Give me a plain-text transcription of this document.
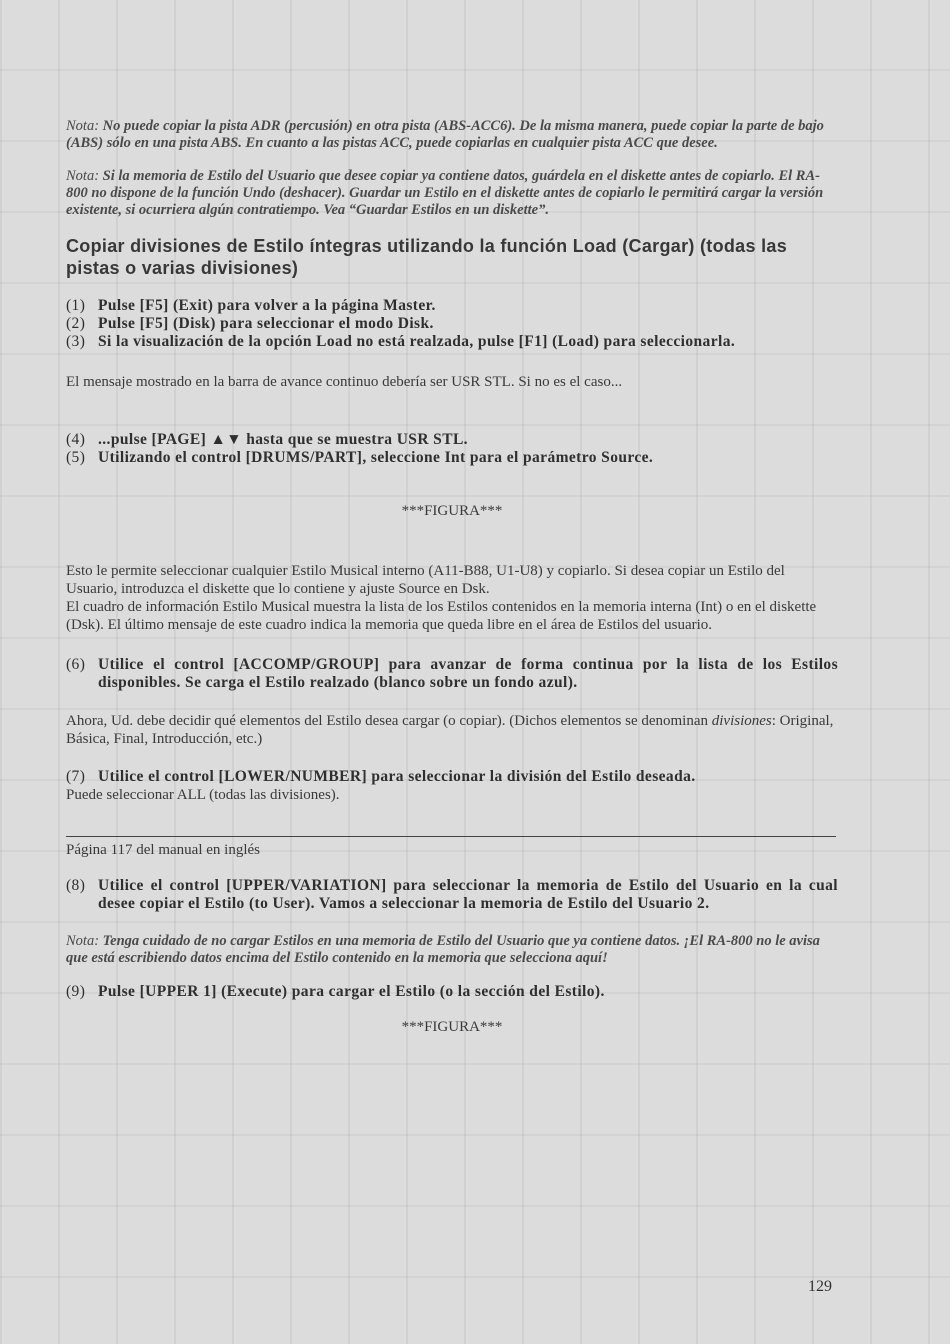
Nota: No puede copiar la pista ADR (percusión) en otra pista (ABS-ACC6). De la misma manera, puede copiar la parte de bajo (ABS) sólo en una pista ABS. En cuanto a las pistas ACC, puede copiarlas en cualquier pista ACC que desee.

Nota: Si la memoria de Estilo del Usuario que desee copiar ya contiene datos, guárdela en el diskette antes de copiarlo. El RA-800 no dispone de la función Undo (deshacer). Guardar un Estilo en el diskette antes de copiarlo le permitirá cargar la versión existente, si ocurriera algún contratiempo. Vea “Guardar Estilos en un diskette”.

Copiar divisiones de Estilo íntegras utilizando la función Load (Cargar) (todas las pistas o varias divisiones)
(1) Pulse [F5] (Exit) para volver a la página Master.
(2) Pulse [F5] (Disk) para seleccionar el modo Disk.
(3) Si la visualización de la opción Load no está realzada, pulse [F1] (Load) para seleccionarla.

El mensaje mostrado en la barra de avance continuo debería ser USR STL. Si no es el caso...

(4) ...pulse [PAGE] ▲▼ hasta que se muestra USR STL.
(5) Utilizando el control [DRUMS/PART], seleccione Int para el parámetro Source.

***FIGURA***

Esto le permite seleccionar cualquier Estilo Musical interno (A11-B88, U1-U8) y copiarlo. Si desea copiar un Estilo del Usuario, introduzca el diskette que lo contiene y ajuste Source en Dsk.

El cuadro de información Estilo Musical muestra la lista de los Estilos contenidos en la memoria interna (Int) o en el diskette (Dsk). El último mensaje de este cuadro indica la memoria que queda libre en el área de Estilos del usuario.

(6) Utilice el control [ACCOMP/GROUP] para avanzar de forma continua por la lista de los Estilos disponibles. Se carga el Estilo realzado (blanco sobre un fondo azul).

Ahora, Ud. debe decidir qué elementos del Estilo desea cargar (o copiar). (Dichos elementos se denominan divisiones: Original, Básica, Final, Introducción, etc.)

(7) Utilice el control [LOWER/NUMBER] para seleccionar la división del Estilo deseada.

Puede seleccionar ALL (todas las divisiones).

Página 117 del manual en inglés

(8) Utilice el control [UPPER/VARIATION] para seleccionar la memoria de Estilo del Usuario en la cual desee copiar el Estilo (to User). Vamos a seleccionar la memoria de Estilo del Usuario 2.

Nota: Tenga cuidado de no cargar Estilos en una memoria de Estilo del Usuario que ya contiene datos. ¡El RA-800 no le avisa que está escribiendo datos encima del Estilo contenido en la memoria que selecciona aquí!

(9) Pulse [UPPER 1] (Execute) para cargar el Estilo (o la sección del Estilo).

***FIGURA***

129
